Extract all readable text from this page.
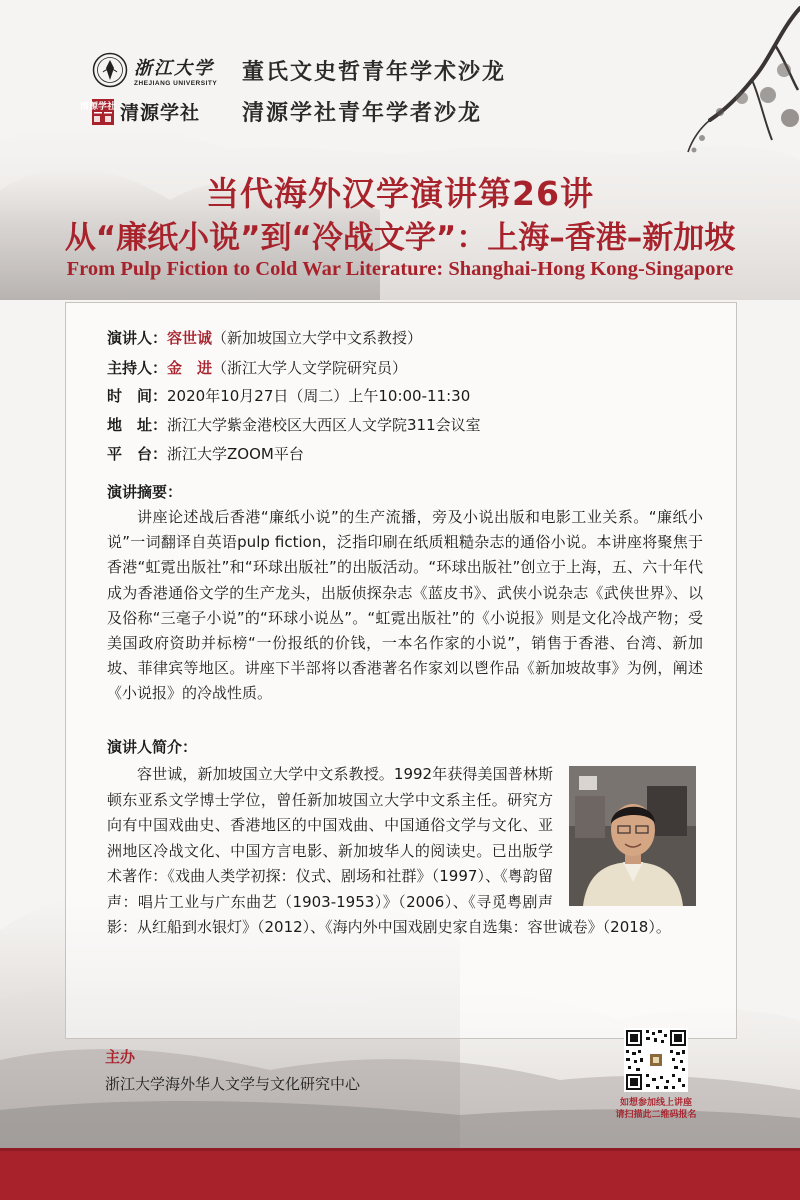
浙江大学
ZHEJIANG UNIVERSITY 董氏文史哲青年学术沙龙
清源学社 清源学社 清源学社青年学者沙龙
当代海外汉学演讲第26讲
从“廉纸小说”到“冷战文学”：上海–香港–新加坡
From Pulp Fiction to Cold War Literature: Shanghai-Hong Kong-Singapore
演讲人：容世诚（新加坡国立大学中文系教授）
主持人：金　进（浙江大学人文学院研究员）
时　间：2020年10月27日（周二）上午10:00-11:30
地　址：浙江大学紫金港校区大西区人文学院311会议室
平　台：浙江大学ZOOM平台
演讲摘要：
讲座论述战后香港“廉纸小说”的生产流播，旁及小说出版和电影工业关系。“廉纸小说”一词翻译自英语pulp fiction，泛指印刷在纸质粗糙杂志的通俗小说。本讲座将聚焦于香港“虹霓出版社”和“环球出版社”的出版活动。“环球出版社”创立于上海，五、六十年代成为香港通俗文学的生产龙头，出版侦探杂志《蓝皮书》、武侠小说杂志《武侠世界》、以及俗称“三毫子小说”的“环球小说丛”。“虹霓出版社”的《小说报》则是文化冷战产物；受美国政府资助并标榜“一份报纸的价钱，一本名作家的小说”，销售于香港、台湾、新加坡、菲律宾等地区。讲座下半部将以香港著名作家刘以鬯作品《新加坡故事》为例，阐述《小说报》的冷战性质。
演讲人简介：
容世诚，新加坡国立大学中文系教授。1992年获得美国普林斯顿东亚系文学博士学位，曾任新加坡国立大学中文系主任。研究方向有中国戏曲史、香港地区的中国戏曲、中国通俗文学与文化、亚洲地区冷战文化、中国方言电影、新加坡华人的阅读史。已出版学术著作：《戏曲人类学初探：仪式、剧场和社群》（1997）、《粤韵留声：唱片工业与广东曲艺（1903-1953）》（2006）、《寻觅粤剧声影：从红船到水银灯》（2012）、《海内外中国戏剧史家自选集：容世诚卷》（2018）。
主办
浙江大学海外华人文学与文化研究中心
如想参加线上讲座
请扫描此二维码报名
